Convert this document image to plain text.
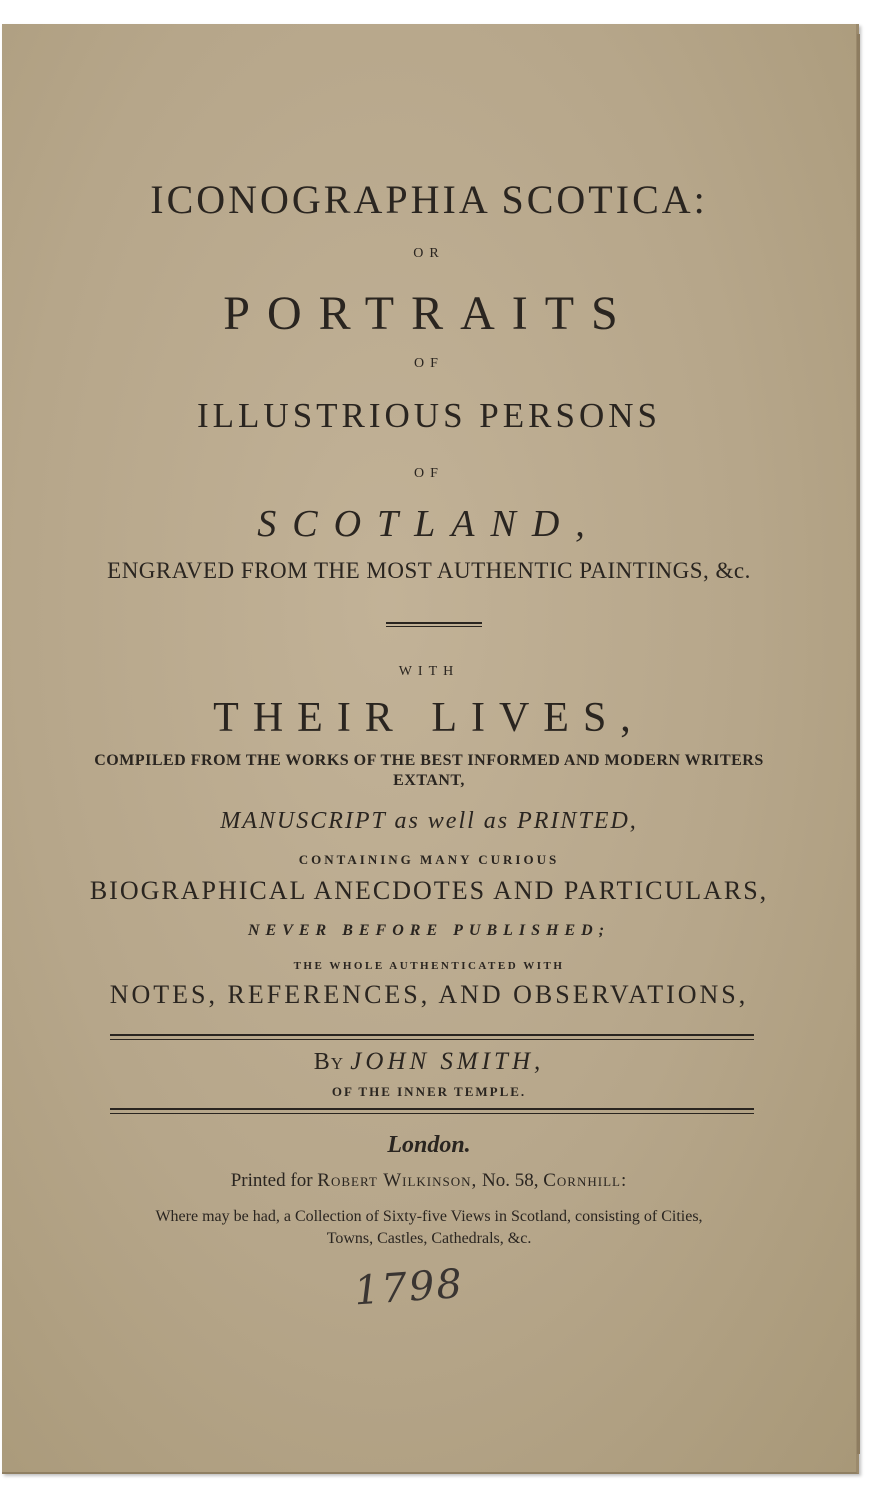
ICONOGRAPHIA SCOTICA:
OR
PORTRAITS
OF
ILLUSTRIOUS PERSONS
OF
SCOTLAND,
ENGRAVED FROM THE MOST AUTHENTIC PAINTINGS, &c.
WITH
THEIR LIVES,
COMPILED FROM THE WORKS OF THE BEST INFORMED AND MODERN WRITERS
EXTANT,
MANUSCRIPT as well as PRINTED,
CONTAINING MANY CURIOUS
BIOGRAPHICAL ANECDOTES AND PARTICULARS,
NEVER BEFORE PUBLISHED;
THE WHOLE AUTHENTICATED WITH
NOTES, REFERENCES, AND OBSERVATIONS,
By JOHN SMITH,
OF THE INNER TEMPLE.
London.
Printed for Robert Wilkinson, No. 58, Cornhill:
Where may be had, a Collection of Sixty-five Views in Scotland, consisting of Cities,
Towns, Castles, Cathedrals, &c.
1798
